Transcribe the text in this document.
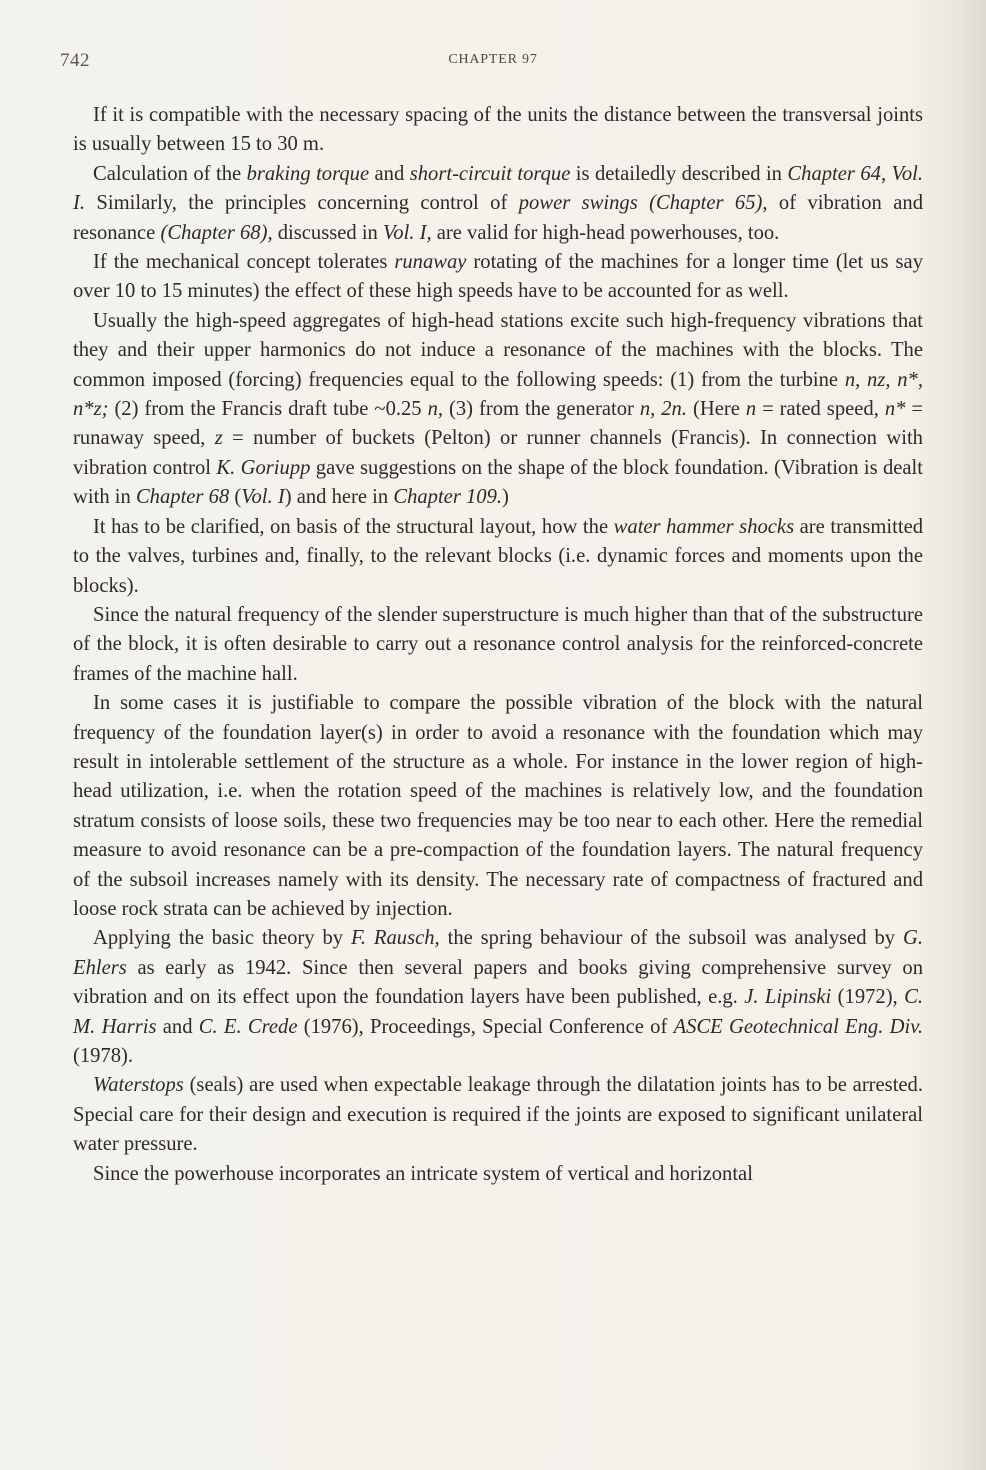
742	CHAPTER 97

If it is compatible with the necessary spacing of the units the distance between the transversal joints is usually between 15 to 30 m.

Calculation of the braking torque and short-circuit torque is detailedly described in Chapter 64, Vol. I. Similarly, the principles concerning control of power swings (Chapter 65), of vibration and resonance (Chapter 68), discussed in Vol. I, are valid for high-head powerhouses, too.

If the mechanical concept tolerates runaway rotating of the machines for a longer time (let us say over 10 to 15 minutes) the effect of these high speeds have to be accounted for as well.

Usually the high-speed aggregates of high-head stations excite such high-frequency vibrations that they and their upper harmonics do not induce a resonance of the machines with the blocks. The common imposed (forcing) frequencies equal to the following speeds: (1) from the turbine n, nz, n*, n*z; (2) from the Francis draft tube ~0.25 n, (3) from the generator n, 2n. (Here n = rated speed, n* = runaway speed, z = number of buckets (Pelton) or runner channels (Francis). In connection with vibration control K. Goriupp gave suggestions on the shape of the block foundation. (Vibration is dealt with in Chapter 68 (Vol. I) and here in Chapter 109.)

It has to be clarified, on basis of the structural layout, how the water hammer shocks are transmitted to the valves, turbines and, finally, to the relevant blocks (i.e. dynamic forces and moments upon the blocks).

Since the natural frequency of the slender superstructure is much higher than that of the substructure of the block, it is often desirable to carry out a resonance control analysis for the reinforced-concrete frames of the machine hall.

In some cases it is justifiable to compare the possible vibration of the block with the natural frequency of the foundation layer(s) in order to avoid a resonance with the foundation which may result in intolerable settlement of the structure as a whole. For instance in the lower region of high-head utilization, i.e. when the rotation speed of the machines is relatively low, and the foundation stratum consists of loose soils, these two frequencies may be too near to each other. Here the remedial measure to avoid resonance can be a pre-compaction of the foundation layers. The natural frequency of the subsoil increases namely with its density. The necessary rate of compactness of fractured and loose rock strata can be achieved by injection.

Applying the basic theory by F. Rausch, the spring behaviour of the subsoil was analysed by G. Ehlers as early as 1942. Since then several papers and books giving comprehensive survey on vibration and on its effect upon the foundation layers have been published, e.g. J. Lipinski (1972), C. M. Harris and C. E. Crede (1976), Proceedings, Special Conference of ASCE Geotechnical Eng. Div. (1978).

Waterstops (seals) are used when expectable leakage through the dilatation joints has to be arrested. Special care for their design and execution is required if the joints are exposed to significant unilateral water pressure.

Since the powerhouse incorporates an intricate system of vertical and horizontal
